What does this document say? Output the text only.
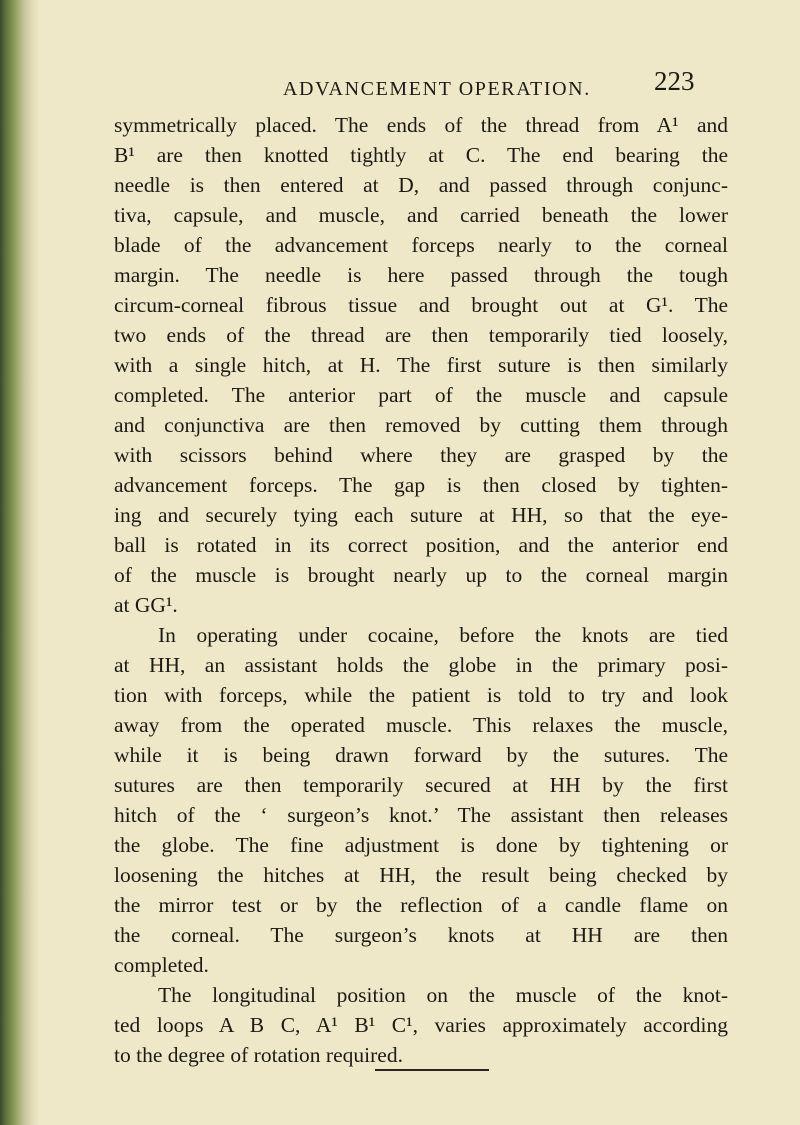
ADVANCEMENT OPERATION. 223
symmetrically placed. The ends of the thread from A¹ and
B¹ are then knotted tightly at C. The end bearing the
needle is then entered at D, and passed through conjunc-
tiva, capsule, and muscle, and carried beneath the lower
blade of the advancement forceps nearly to the corneal
margin. The needle is here passed through the tough
circum-corneal fibrous tissue and brought out at G¹. The
two ends of the thread are then temporarily tied loosely,
with a single hitch, at H. The first suture is then similarly
completed. The anterior part of the muscle and capsule
and conjunctiva are then removed by cutting them through
with scissors behind where they are grasped by the
advancement forceps. The gap is then closed by tighten-
ing and securely tying each suture at HH, so that the eye-
ball is rotated in its correct position, and the anterior end
of the muscle is brought nearly up to the corneal margin
at GG¹.
In operating under cocaine, before the knots are tied
at HH, an assistant holds the globe in the primary posi-
tion with forceps, while the patient is told to try and look
away from the operated muscle. This relaxes the muscle,
while it is being drawn forward by the sutures. The
sutures are then temporarily secured at HH by the first
hitch of the ‘ surgeon’s knot.’ The assistant then releases
the globe. The fine adjustment is done by tightening or
loosening the hitches at HH, the result being checked by
the mirror test or by the reflection of a candle flame on
the corneal. The surgeon’s knots at HH are then
completed.
The longitudinal position on the muscle of the knot-
ted loops A B C, A¹ B¹ C¹, varies approximately according
to the degree of rotation required.
